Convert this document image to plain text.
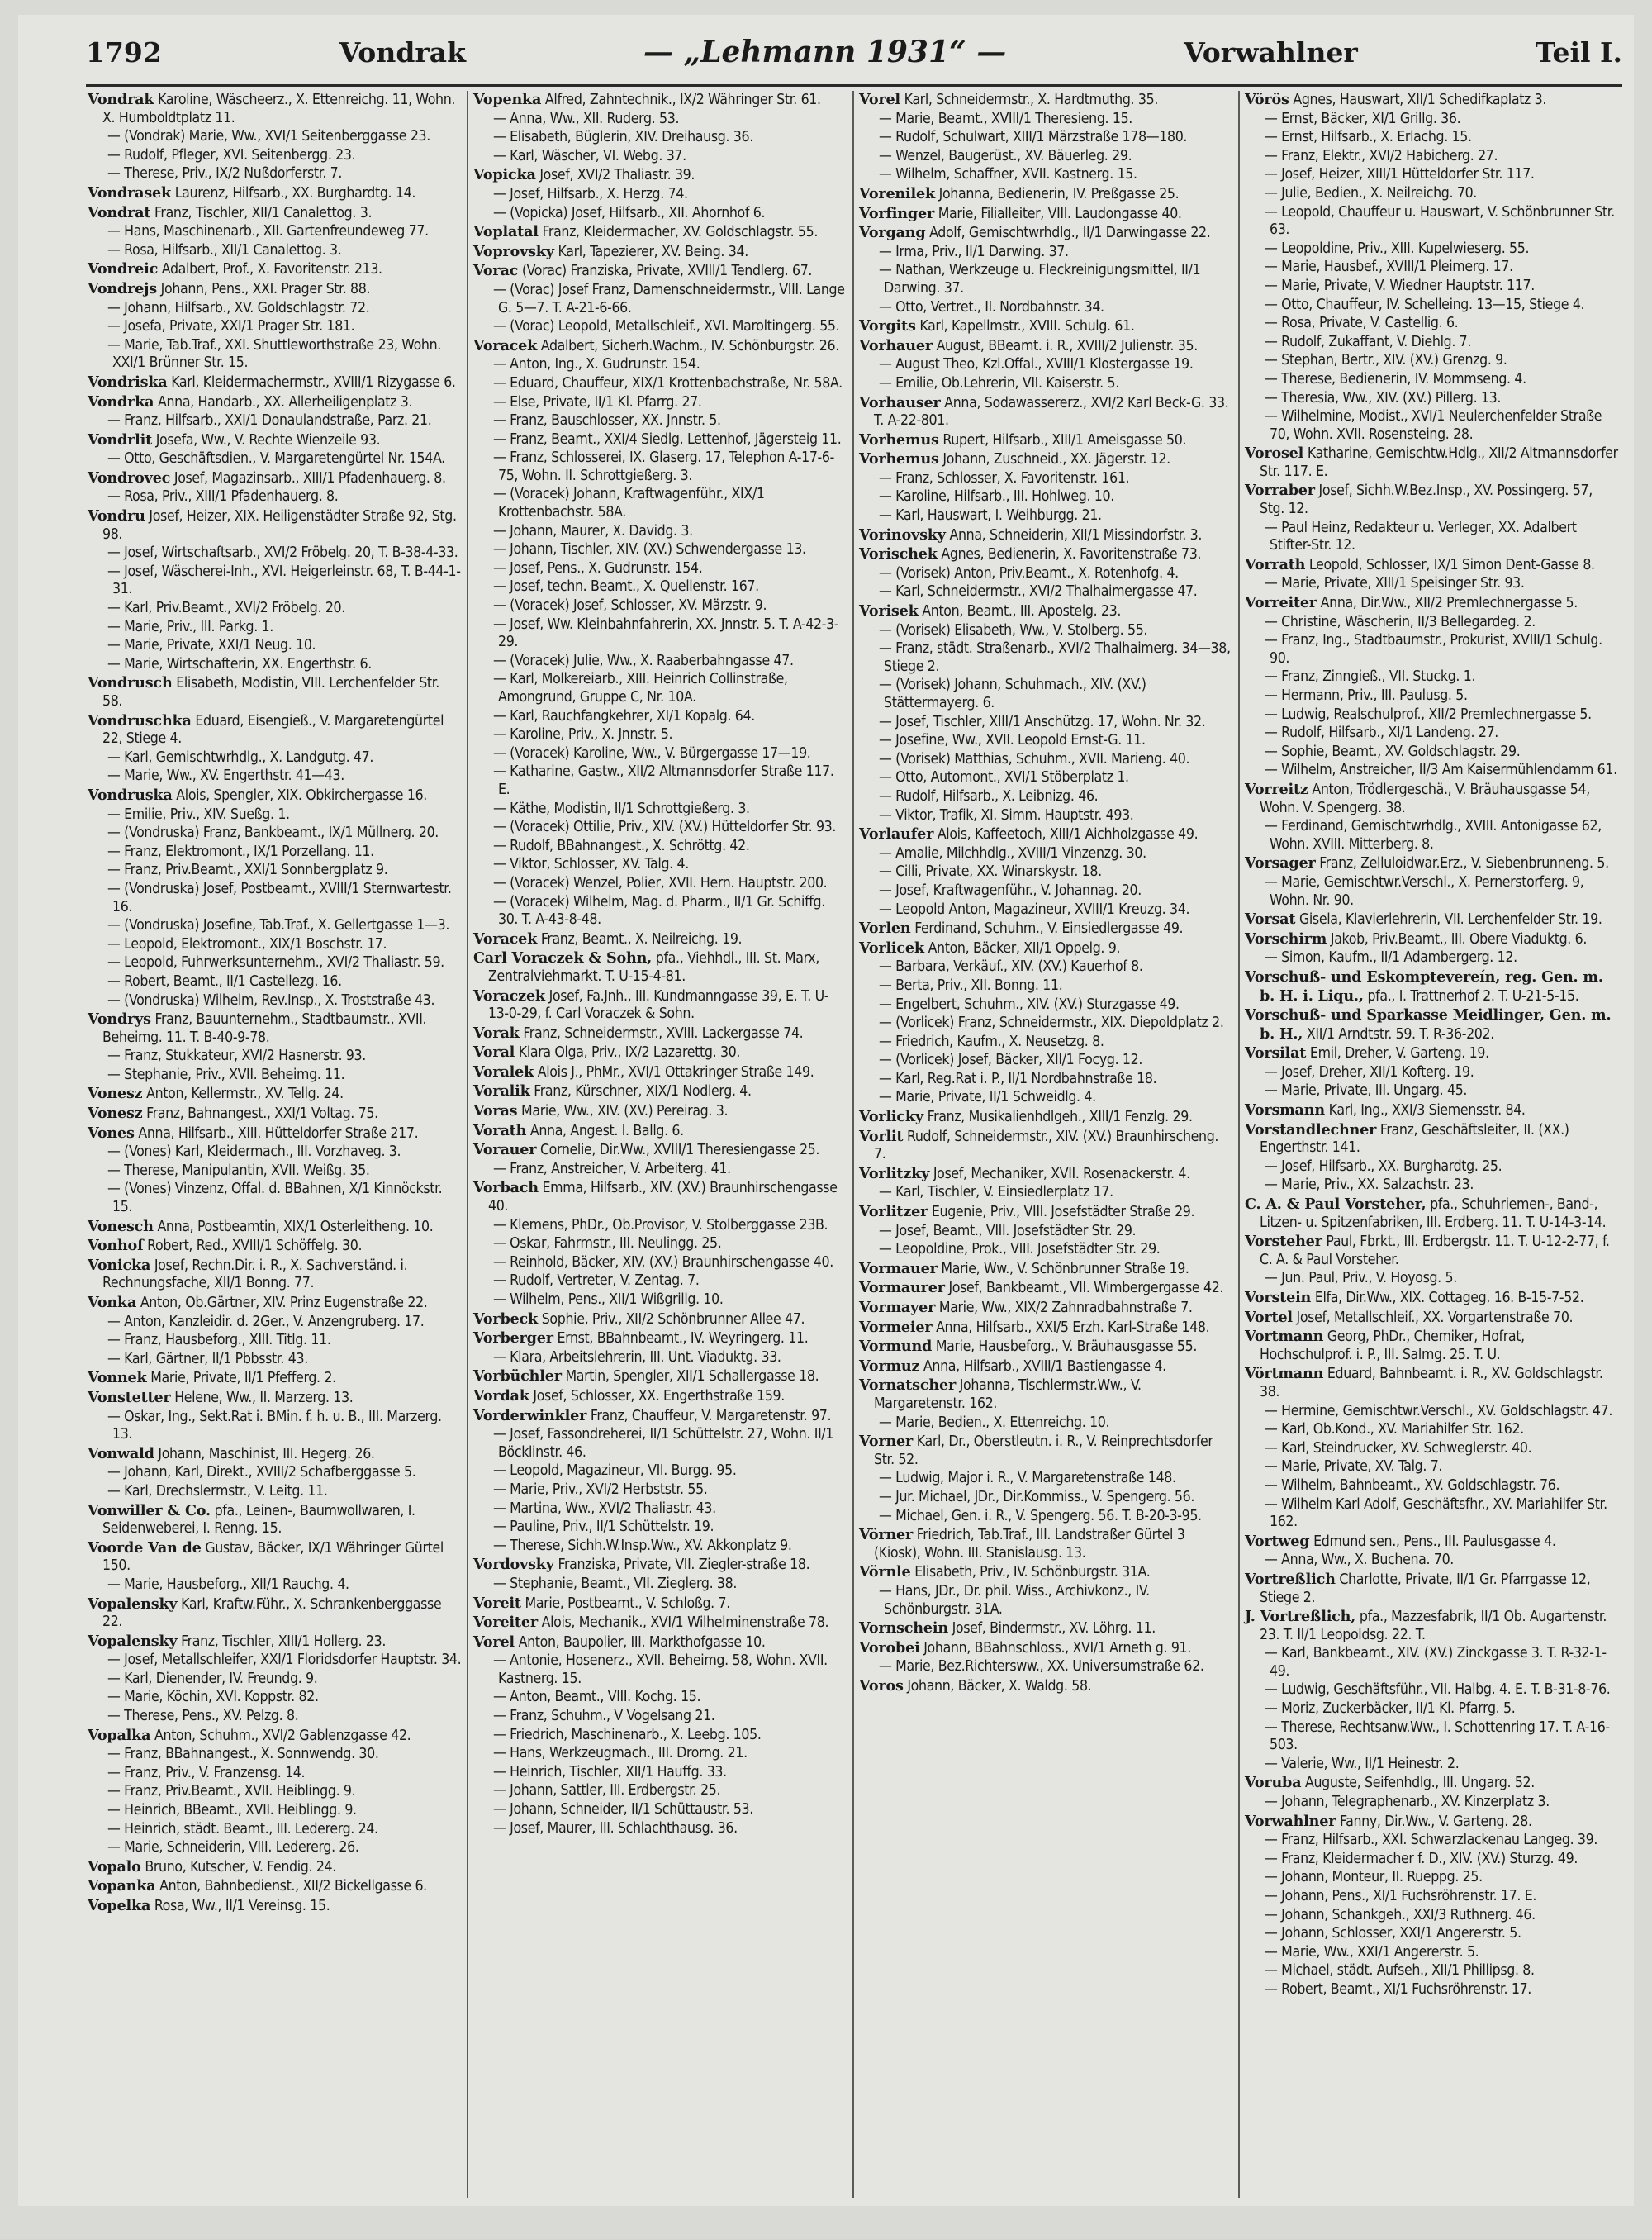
1792	Vondrak	— „Lehmann 1931“ —	Vorwahlner	Teil I.
Vondrak Karoline, Wäscheerz., X. Ettenreichg. 11, Wohn. X. Humboldtplatz 11.
— (Vondrak) Marie, Ww., XVI/1 Seitenberggasse 23.
— Rudolf, Pfleger, XVI. Seitenbergg. 23.
— Therese, Priv., IX/2 Nußdorferstr. 7.
Vondrasek Laurenz, Hilfsarb., XX. Burghardtg. 14.
Vondrat Franz, Tischler, XII/1 Canalettog. 3.
— Hans, Maschinenarb., XII. Gartenfreundeweg 77.
— Rosa, Hilfsarb., XII/1 Canalettog. 3.
Vondreic Adalbert, Prof., X. Favoritenstr. 213.
Vondrejs Johann, Pens., XXI. Prager Str. 88.
— Johann, Hilfsarb., XV. Goldschlagstr. 72.
— Josefa, Private, XXI/1 Prager Str. 181.
— Marie, Tab.Traf., XXI. Shuttleworthstraße 23, Wohn. XXI/1 Brünner Str. 15.
Vondriska Karl, Kleidermachermstr., XVIII/1 Rizygasse 6.
Vondrka Anna, Handarb., XX. Allerheiligenplatz 3.
— Franz, Hilfsarb., XXI/1 Donaulandstraße, Parz. 21.
Vondrlit Josefa, Ww., V. Rechte Wienzeile 93.
— Otto, Geschäftsdien., V. Margaretengürtel Nr. 154A.
Vondrovec Josef, Magazinsarb., XIII/1 Pfadenhauerg. 8.
— Rosa, Priv., XIII/1 Pfadenhauerg. 8.
Vondru Josef, Heizer, XIX. Heiligenstädter Straße 92, Stg. 98.
— Josef, Wirtschaftsarb., XVI/2 Fröbelg. 20, T. B-38-4-33.
— Josef, Wäscherei-Inh., XVI. Heigerleinstr. 68, T. B-44-1-31.
— Karl, Priv.Beamt., XVI/2 Fröbelg. 20.
— Marie, Priv., III. Parkg. 1.
— Marie, Private, XXI/1 Neug. 10.
— Marie, Wirtschafterin, XX. Engerthstr. 6.
Vondrusch Elisabeth, Modistin, VIII. Lerchenfelder Str. 58.
Vondruschka Eduard, Eisengieß., V. Margaretengürtel 22, Stiege 4.
— Karl, Gemischtwrhdlg., X. Landgutg. 47.
— Marie, Ww., XV. Engerthstr. 41—43.
Vondruska Alois, Spengler, XIX. Obkirchergasse 16.
— Emilie, Priv., XIV. Sueßg. 1.
— (Vondruska) Franz, Bankbeamt., IX/1 Müllnerg. 20.
— Franz, Elektromont., IX/1 Porzellang. 11.
— Franz, Priv.Beamt., XXI/1 Sonnbergplatz 9.
— (Vondruska) Josef, Postbeamt., XVIII/1 Sternwartestr. 16.
— (Vondruska) Josefine, Tab.Traf., X. Gellertgasse 1—3.
— Leopold, Elektromont., XIX/1 Boschstr. 17.
— Leopold, Fuhrwerksunternehm., XVI/2 Thaliastr. 59.
— Robert, Beamt., II/1 Castellezg. 16.
— (Vondruska) Wilhelm, Rev.Insp., X. Troststraße 43.
Vondrys Franz, Bauunternehm., Stadtbaumstr., XVII. Beheimg. 11. T. B-40-9-78.
— Franz, Stukkateur, XVI/2 Hasnerstr. 93.
— Stephanie, Priv., XVII. Beheimg. 11.
Vonesz Anton, Kellermstr., XV. Tellg. 24.
Vonesz Franz, Bahnangest., XXI/1 Voltag. 75.
Vones Anna, Hilfsarb., XIII. Hütteldorfer Straße 217.
— (Vones) Karl, Kleidermach., III. Vorzhaveg. 3.
— Therese, Manipulantin, XVII. Weißg. 35.
— (Vones) Vinzenz, Offal. d. BBahnen, X/1 Kinnöckstr. 15.
Vonesch Anna, Postbeamtin, XIX/1 Osterleitheng. 10.
Vonhof Robert, Red., XVIII/1 Schöffelg. 30.
Vonicka Josef, Rechn.Dir. i. R., X. Sachverständ. i. Rechnungsfache, XII/1 Bonng. 77.
Vonka Anton, Ob.Gärtner, XIV. Prinz Eugenstraße 22.
— Anton, Kanzleidir. d. 2Ger., V. Anzengruberg. 17.
— Franz, Hausbeforg., XIII. Titlg. 11.
— Karl, Gärtner, II/1 Pbbsstr. 43.
Vonnek Marie, Private, II/1 Pfefferg. 2.
Vonstetter Helene, Ww., II. Marzerg. 13.
— Oskar, Ing., Sekt.Rat i. BMin. f. h. u. B., III. Marzerg. 13.
Vonwald Johann, Maschinist, III. Hegerg. 26.
— Johann, Karl, Direkt., XVIII/2 Schafberggasse 5.
— Karl, Drechslermstr., V. Leitg. 11.
Vonwiller & Co. pfa., Leinen-, Baumwollwaren, I. Seidenweberei, I. Renng. 15.
Voorde Van de Gustav, Bäcker, IX/1 Währinger Gürtel 150.
— Marie, Hausbeforg., XII/1 Rauchg. 4.
Vopalensky Karl, Kraftw.Führ., X. Schrankenberggasse 22.
Vopalensky Franz, Tischler, XIII/1 Hollerg. 23.
— Josef, Metallschleifer, XXI/1 Floridsdorfer Hauptstr. 34.
— Karl, Dienender, IV. Freundg. 9.
— Marie, Köchin, XVI. Koppstr. 82.
— Therese, Pens., XV. Pelzg. 8.
Vopalka Anton, Schuhm., XVI/2 Gablenzgasse 42.
— Franz, BBahnangest., X. Sonnwendg. 30.
— Franz, Priv., V. Franzensg. 14.
— Franz, Priv.Beamt., XVII. Heiblingg. 9.
— Heinrich, BBeamt., XVII. Heiblingg. 9.
— Heinrich, städt. Beamt., III. Ledererg. 24.
— Marie, Schneiderin, VIII. Ledererg. 26.
Vopalo Bruno, Kutscher, V. Fendig. 24.
Vopanka Anton, Bahnbedienst., XII/2 Bickellgasse 6.
Vopelka Rosa, Ww., II/1 Vereinsg. 15.
Vopenka Alfred, Zahntechnik., IX/2 Währinger Str. 61.
— Anna, Ww., XII. Ruderg. 53.
— Elisabeth, Büglerin, XIV. Dreihausg. 36.
— Karl, Wäscher, VI. Webg. 37.
Vopicka Josef, XVI/2 Thaliastr. 39.
— Josef, Hilfsarb., X. Herzg. 74.
— (Vopicka) Josef, Hilfsarb., XII. Ahornhof 6.
Voplatal Franz, Kleidermacher, XV. Goldschlagstr. 55.
Voprovsky Karl, Tapezierer, XV. Being. 34.
Vorac (Vorac) Franziska, Private, XVIII/1 Tendlerg. 67.
— (Vorac) Josef Franz, Damenschneidermstr., VIII. Lange G. 5—7. T. A-21-6-66.
— (Vorac) Leopold, Metallschleif., XVI. Maroltingerg. 55.
Voracek Adalbert, Sicherh.Wachm., IV. Schönburgstr. 26.
— Anton, Ing., X. Gudrunstr. 154.
— Eduard, Chauffeur, XIX/1 Krottenbachstraße, Nr. 58A.
— Else, Private, II/1 Kl. Pfarrg. 27.
— Franz, Bauschlosser, XX. Jnnstr. 5.
— Franz, Beamt., XXI/4 Siedlg. Lettenhof, Jägersteig 11.
— Franz, Schlosserei, IX. Glaserg. 17, Telephon A-17-6-75, Wohn. II. Schrottgießerg. 3.
— (Voracek) Johann, Kraftwagenführ., XIX/1 Krottenbachstr. 58A.
— Johann, Maurer, X. Davidg. 3.
— Johann, Tischler, XIV. (XV.) Schwendergasse 13.
— Josef, Pens., X. Gudrunstr. 154.
— Josef, techn. Beamt., X. Quellenstr. 167.
— (Voracek) Josef, Schlosser, XV. Märzstr. 9.
— Josef, Ww. Kleinbahnfahrerin, XX. Jnnstr. 5. T. A-42-3-29.
— (Voracek) Julie, Ww., X. Raaberbahngasse 47.
— Karl, Molkereiarb., XIII. Heinrich Collinstraße, Amongrund, Gruppe C, Nr. 10A.
— Karl, Rauchfangkehrer, XI/1 Kopalg. 64.
— Karoline, Priv., X. Jnnstr. 5.
— (Voracek) Karoline, Ww., V. Bürgergasse 17—19.
— Katharine, Gastw., XII/2 Altmannsdorfer Straße 117. E.
— Käthe, Modistin, II/1 Schrottgießerg. 3.
— (Voracek) Ottilie, Priv., XIV. (XV.) Hütteldorfer Str. 93.
— Rudolf, BBahnangest., X. Schröttg. 42.
— Viktor, Schlosser, XV. Talg. 4.
— (Voracek) Wenzel, Polier, XVII. Hern. Hauptstr. 200.
— (Voracek) Wilhelm, Mag. d. Pharm., II/1 Gr. Schiffg. 30. T. A-43-8-48.
Voracek Franz, Beamt., X. Neilreichg. 19.
Carl Voraczek & Sohn, pfa., Viehhdl., III. St. Marx, Zentralviehmarkt. T. U-15-4-81.
Voraczek Josef, Fa.Jnh., III. Kundmanngasse 39, E. T. U-13-0-29, f. Carl Voraczek & Sohn.
Vorak Franz, Schneidermstr., XVIII. Lackergasse 74.
Voral Klara Olga, Priv., IX/2 Lazarettg. 30.
Voralek Alois J., PhMr., XVI/1 Ottakringer Straße 149.
Voralik Franz, Kürschner, XIX/1 Nodlerg. 4.
Voras Marie, Ww., XIV. (XV.) Pereirag. 3.
Vorath Anna, Angest. I. Ballg. 6.
Vorauer Cornelie, Dir.Ww., XVIII/1 Theresiengasse 25.
— Franz, Anstreicher, V. Arbeiterg. 41.
Vorbach Emma, Hilfsarb., XIV. (XV.) Braunhirschengasse 40.
— Klemens, PhDr., Ob.Provisor, V. Stolberggasse 23B.
— Oskar, Fahrmstr., III. Neulingg. 25.
— Reinhold, Bäcker, XIV. (XV.) Braunhirschengasse 40.
— Rudolf, Vertreter, V. Zentag. 7.
— Wilhelm, Pens., XII/1 Wißgrillg. 10.
Vorbeck Sophie, Priv., XII/2 Schönbrunner Allee 47.
Vorberger Ernst, BBahnbeamt., IV. Weyringerg. 11.
— Klara, Arbeitslehrerin, III. Unt. Viaduktg. 33.
Vorbüchler Martin, Spengler, XII/1 Schallergasse 18.
Vordak Josef, Schlosser, XX. Engerthstraße 159.
Vorderwinkler Franz, Chauffeur, V. Margaretenstr. 97.
— Josef, Fassondreherei, II/1 Schüttelstr. 27, Wohn. II/1 Böcklinstr. 46.
— Leopold, Magazineur, VII. Burgg. 95.
— Marie, Priv., XVI/2 Herbststr. 55.
— Martina, Ww., XVI/2 Thaliastr. 43.
— Pauline, Priv., II/1 Schüttelstr. 19.
— Therese, Sichh.W.Insp.Ww., XV. Akkonplatz 9.
Vordovsky Franziska, Private, VII. Ziegler-straße 18.
— Stephanie, Beamt., VII. Zieglerg. 38.
Voreit Marie, Postbeamt., V. Schloßg. 7.
Voreiter Alois, Mechanik., XVI/1 Wilhelminenstraße 78.
Vorel Anton, Baupolier, III. Markthofgasse 10.
— Antonie, Hosenerz., XVII. Beheimg. 58, Wohn. XVII. Kastnerg. 15.
— Anton, Beamt., VIII. Kochg. 15.
— Franz, Schuhm., V Vogelsang 21.
— Friedrich, Maschinenarb., X. Leebg. 105.
— Hans, Werkzeugmach., III. Drorng. 21.
— Heinrich, Tischler, XII/1 Hauffg. 33.
— Johann, Sattler, III. Erdbergstr. 25.
— Johann, Schneider, II/1 Schüttaustr. 53.
— Josef, Maurer, III. Schlachthausg. 36.
Vorel Karl, Schneidermstr., X. Hardtmuthg. 35.
— Marie, Beamt., XVIII/1 Theresieng. 15.
— Rudolf, Schulwart, XIII/1 Märzstraße 178—180.
— Wenzel, Baugerüst., XV. Bäuerleg. 29.
— Wilhelm, Schaffner, XVII. Kastnerg. 15.
Vorenilek Johanna, Bedienerin, IV. Preßgasse 25.
Vorfinger Marie, Filialleiter, VIII. Laudongasse 40.
Vorgang Adolf, Gemischtwrhdlg., II/1 Darwingasse 22.
— Irma, Priv., II/1 Darwing. 37.
— Nathan, Werkzeuge u. Fleckreinigungsmittel, II/1 Darwing. 37.
— Otto, Vertret., II. Nordbahnstr. 34.
Vorgits Karl, Kapellmstr., XVIII. Schulg. 61.
Vorhauer August, BBeamt. i. R., XVIII/2 Julienstr. 35.
— August Theo, Kzl.Offal., XVIII/1 Klostergasse 19.
— Emilie, Ob.Lehrerin, VII. Kaiserstr. 5.
Vorhauser Anna, Sodawassererz., XVI/2 Karl Beck-G. 33. T. A-22-801.
Vorhemus Rupert, Hilfsarb., XIII/1 Ameisgasse 50.
Vorhemus Johann, Zuschneid., XX. Jägerstr. 12.
— Franz, Schlosser, X. Favoritenstr. 161.
— Karoline, Hilfsarb., III. Hohlweg. 10.
— Karl, Hauswart, I. Weihburgg. 21.
Vorinovsky Anna, Schneiderin, XII/1 Missindorfstr. 3.
Vorischek Agnes, Bedienerin, X. Favoritenstraße 73.
— (Vorisek) Anton, Priv.Beamt., X. Rotenhofg. 4.
— Karl, Schneidermstr., XVI/2 Thalhaimergasse 47.
Vorisek Anton, Beamt., III. Apostelg. 23.
— (Vorisek) Elisabeth, Ww., V. Stolberg. 55.
— Franz, städt. Straßenarb., XVI/2 Thalhaimerg. 34—38, Stiege 2.
— (Vorisek) Johann, Schuhmach., XIV. (XV.) Stättermayerg. 6.
— Josef, Tischler, XIII/1 Anschützg. 17, Wohn. Nr. 32.
— Josefine, Ww., XVII. Leopold Ernst-G. 11.
— (Vorisek) Matthias, Schuhm., XVII. Marieng. 40.
— Otto, Automont., XVI/1 Stöberplatz 1.
— Rudolf, Hilfsarb., X. Leibnizg. 46.
— Viktor, Trafik, XI. Simm. Hauptstr. 493.
Vorlaufer Alois, Kaffeetoch, XIII/1 Aichholzgasse 49.
— Amalie, Milchhdlg., XVIII/1 Vinzenzg. 30.
— Cilli, Private, XX. Winarskystr. 18.
— Josef, Kraftwagenführ., V. Johannag. 20.
— Leopold Anton, Magazineur, XVIII/1 Kreuzg. 34.
Vorlen Ferdinand, Schuhm., V. Einsiedlergasse 49.
Vorlicek Anton, Bäcker, XII/1 Oppelg. 9.
— Barbara, Verkäuf., XIV. (XV.) Kauerhof 8.
— Berta, Priv., XII. Bonng. 11.
— Engelbert, Schuhm., XIV. (XV.) Sturzgasse 49.
— (Vorlicek) Franz, Schneidermstr., XIX. Diepoldplatz 2.
— Friedrich, Kaufm., X. Neusetzg. 8.
— (Vorlicek) Josef, Bäcker, XII/1 Focyg. 12.
— Karl, Reg.Rat i. P., II/1 Nordbahnstraße 18.
— Marie, Private, II/1 Schweidlg. 4.
Vorlicky Franz, Musikalienhdlgeh., XIII/1 Fenzlg. 29.
Vorlit Rudolf, Schneidermstr., XIV. (XV.) Braunhirscheng. 7.
Vorlitzky Josef, Mechaniker, XVII. Rosenackerstr. 4.
— Karl, Tischler, V. Einsiedlerplatz 17.
Vorlitzer Eugenie, Priv., VIII. Josefstädter Straße 29.
— Josef, Beamt., VIII. Josefstädter Str. 29.
— Leopoldine, Prok., VIII. Josefstädter Str. 29.
Vormauer Marie, Ww., V. Schönbrunner Straße 19.
Vormaurer Josef, Bankbeamt., VII. Wimbergergasse 42.
Vormayer Marie, Ww., XIX/2 Zahnradbahnstraße 7.
Vormeier Anna, Hilfsarb., XXI/5 Erzh. Karl-Straße 148.
Vormund Marie, Hausbeforg., V. Bräuhausgasse 55.
Vormuz Anna, Hilfsarb., XVIII/1 Bastiengasse 4.
Vornatscher Johanna, Tischlermstr.Ww., V. Margaretenstr. 162.
— Marie, Bedien., X. Ettenreichg. 10.
Vorner Karl, Dr., Oberstleutn. i. R., V. Reinprechtsdorfer Str. 52.
— Ludwig, Major i. R., V. Margaretenstraße 148.
— Jur. Michael, JDr., Dir.Kommiss., V. Spengerg. 56.
— Michael, Gen. i. R., V. Spengerg. 56. T. B-20-3-95.
Vörner Friedrich, Tab.Traf., III. Landstraßer Gürtel 3 (Kiosk), Wohn. III. Stanislausg. 13.
Vörnle Elisabeth, Priv., IV. Schönburgstr. 31A.
— Hans, JDr., Dr. phil. Wiss., Archivkonz., IV. Schönburgstr. 31A.
Vornschein Josef, Bindermstr., XV. Löhrg. 11.
Vorobei Johann, BBahnschloss., XVI/1 Arneth g. 91.
— Marie, Bez.Richtersww., XX. Universumstraße 62.
Voros Johann, Bäcker, X. Waldg. 58.
Vörös Agnes, Hauswart, XII/1 Schedifkaplatz 3.
— Ernst, Bäcker, XI/1 Grillg. 36.
— Ernst, Hilfsarb., X. Erlachg. 15.
— Franz, Elektr., XVI/2 Habicherg. 27.
— Josef, Heizer, XIII/1 Hütteldorfer Str. 117.
— Julie, Bedien., X. Neilreichg. 70.
— Leopold, Chauffeur u. Hauswart, V. Schönbrunner Str. 63.
— Leopoldine, Priv., XIII. Kupelwieserg. 55.
— Marie, Hausbef., XVIII/1 Pleimerg. 17.
— Marie, Private, V. Wiedner Hauptstr. 117.
— Otto, Chauffeur, IV. Schelleing. 13—15, Stiege 4.
— Rosa, Private, V. Castellig. 6.
— Rudolf, Zukaffant, V. Diehlg. 7.
— Stephan, Bertr., XIV. (XV.) Grenzg. 9.
— Therese, Bedienerin, IV. Mommseng. 4.
— Theresia, Ww., XIV. (XV.) Pillerg. 13.
— Wilhelmine, Modist., XVI/1 Neulerchenfelder Straße 70, Wohn. XVII. Rosensteing. 28.
Vorosel Katharine, Gemischtw.Hdlg., XII/2 Altmannsdorfer Str. 117. E.
Vorraber Josef, Sichh.W.Bez.Insp., XV. Possingerg. 57, Stg. 12.
— Paul Heinz, Redakteur u. Verleger, XX. Adalbert Stifter-Str. 12.
Vorrath Leopold, Schlosser, IX/1 Simon Dent-Gasse 8.
— Marie, Private, XIII/1 Speisinger Str. 93.
Vorreiter Anna, Dir.Ww., XII/2 Premlechnergasse 5.
— Christine, Wäscherin, II/3 Bellegardeg. 2.
— Franz, Ing., Stadtbaumstr., Prokurist, XVIII/1 Schulg. 90.
— Franz, Zinngieß., VII. Stuckg. 1.
— Hermann, Priv., III. Paulusg. 5.
— Ludwig, Realschulprof., XII/2 Premlechnergasse 5.
— Rudolf, Hilfsarb., XI/1 Landeng. 27.
— Sophie, Beamt., XV. Goldschlagstr. 29.
— Wilhelm, Anstreicher, II/3 Am Kaisermühlendamm 61.
Vorreitz Anton, Trödlergeschä., V. Bräuhausgasse 54, Wohn. V. Spengerg. 38.
— Ferdinand, Gemischtwrhdlg., XVIII. Antonigasse 62, Wohn. XVIII. Mitterberg. 8.
Vorsager Franz, Zelluloidwar.Erz., V. Siebenbrunneng. 5.
— Marie, Gemischtwr.Verschl., X. Pernerstorferg. 9, Wohn. Nr. 90.
Vorsat Gisela, Klavierlehrerin, VII. Lerchenfelder Str. 19.
Vorschirm Jakob, Priv.Beamt., III. Obere Viaduktg. 6.
— Simon, Kaufm., II/1 Adambergerg. 12.
Vorschuß- und Eskomptevereín, reg. Gen. m. b. H. i. Liqu., pfa., I. Trattnerhof 2. T. U-21-5-15.
Vorschuß- und Sparkasse Meidlinger, Gen. m. b. H., XII/1 Arndtstr. 59. T. R-36-202.
Vorsilat Emil, Dreher, V. Garteng. 19.
— Josef, Dreher, XII/1 Kofterg. 19.
— Marie, Private, III. Ungarg. 45.
Vorsmann Karl, Ing., XXI/3 Siemensstr. 84.
Vorstandlechner Franz, Geschäftsleiter, II. (XX.) Engerthstr. 141.
— Josef, Hilfsarb., XX. Burghardtg. 25.
— Marie, Priv., XX. Salzachstr. 23.
C. A. & Paul Vorsteher, pfa., Schuhriemen-, Band-, Litzen- u. Spitzenfabriken, III. Erdberg. 11. T. U-14-3-14.
Vorsteher Paul, Fbrkt., III. Erdbergstr. 11. T. U-12-2-77, f. C. A. & Paul Vorsteher.
— Jun. Paul, Priv., V. Hoyosg. 5.
Vorstein Elfa, Dir.Ww., XIX. Cottageg. 16. B-15-7-52.
Vortel Josef, Metallschleif., XX. Vorgartenstraße 70.
Vortmann Georg, PhDr., Chemiker, Hofrat, Hochschulprof. i. P., III. Salmg. 25. T. U.
Vörtmann Eduard, Bahnbeamt. i. R., XV. Goldschlagstr. 38.
— Hermine, Gemischtwr.Verschl., XV. Goldschlagstr. 47.
— Karl, Ob.Kond., XV. Mariahilfer Str. 162.
— Karl, Steindrucker, XV. Schweglerstr. 40.
— Marie, Private, XV. Talg. 7.
— Wilhelm, Bahnbeamt., XV. Goldschlagstr. 76.
— Wilhelm Karl Adolf, Geschäftsfhr., XV. Mariahilfer Str. 162.
Vortweg Edmund sen., Pens., III. Paulusgasse 4.
— Anna, Ww., X. Buchena. 70.
Vortreßlich Charlotte, Private, II/1 Gr. Pfarrgasse 12, Stiege 2.
J. Vortreßlich, pfa., Mazzesfabrik, II/1 Ob. Augartenstr. 23. T. II/1 Leopoldsg. 22. T.
— Karl, Bankbeamt., XIV. (XV.) Zinckgasse 3. T. R-32-1-49.
— Ludwig, Geschäftsführ., VII. Halbg. 4. E. T. B-31-8-76.
— Moriz, Zuckerbäcker, II/1 Kl. Pfarrg. 5.
— Therese, Rechtsanw.Ww., I. Schottenring 17. T. A-16-503.
— Valerie, Ww., II/1 Heinestr. 2.
Voruba Auguste, Seifenhdlg., III. Ungarg. 52.
— Johann, Telegraphenarb., XV. Kinzerplatz 3.
Vorwahlner Fanny, Dir.Ww., V. Garteng. 28.
— Franz, Hilfsarb., XXI. Schwarzlackenau Langeg. 39.
— Franz, Kleidermacher f. D., XIV. (XV.) Sturzg. 49.
— Johann, Monteur, II. Rueppg. 25.
— Johann, Pens., XI/1 Fuchsröhrenstr. 17. E.
— Johann, Schankgeh., XXI/3 Ruthnerg. 46.
— Johann, Schlosser, XXI/1 Angererstr. 5.
— Marie, Ww., XXI/1 Angererstr. 5.
— Michael, städt. Aufseh., XII/1 Phillipsg. 8.
— Robert, Beamt., XI/1 Fuchsröhrenstr. 17.
